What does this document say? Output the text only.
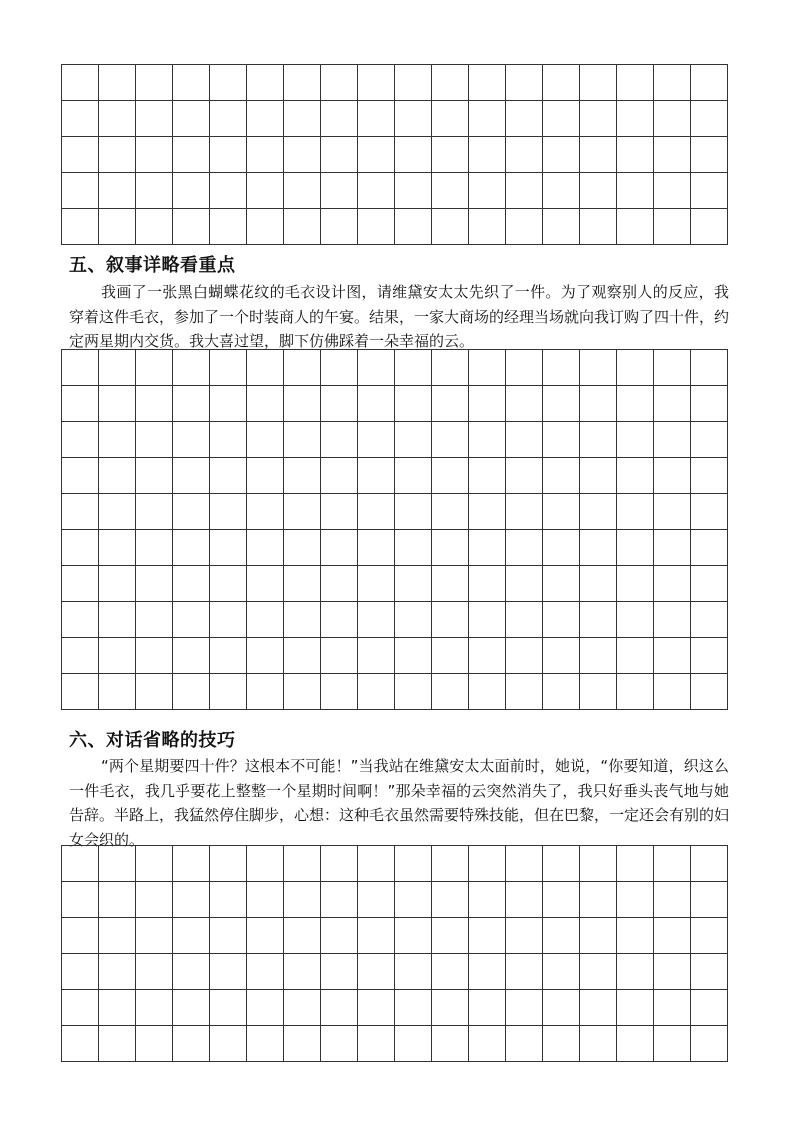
五、叙事详略看重点

我画了一张黑白蝴蝶花纹的毛衣设计图，请维黛安太太先织了一件。为了观察别人的反应，我穿着这件毛衣，参加了一个时装商人的午宴。结果，一家大商场的经理当场就向我订购了四十件，约定两星期内交货。我大喜过望，脚下仿佛踩着一朵幸福的云。

六、对话省略的技巧

“两个星期要四十件？这根本不可能！”当我站在维黛安太太面前时，她说，“你要知道，织这么一件毛衣，我几乎要花上整整一个星期时间啊！”那朵幸福的云突然消失了，我只好垂头丧气地与她告辞。半路上，我猛然停住脚步，心想：这种毛衣虽然需要特殊技能，但在巴黎，一定还会有别的妇女会织的。
